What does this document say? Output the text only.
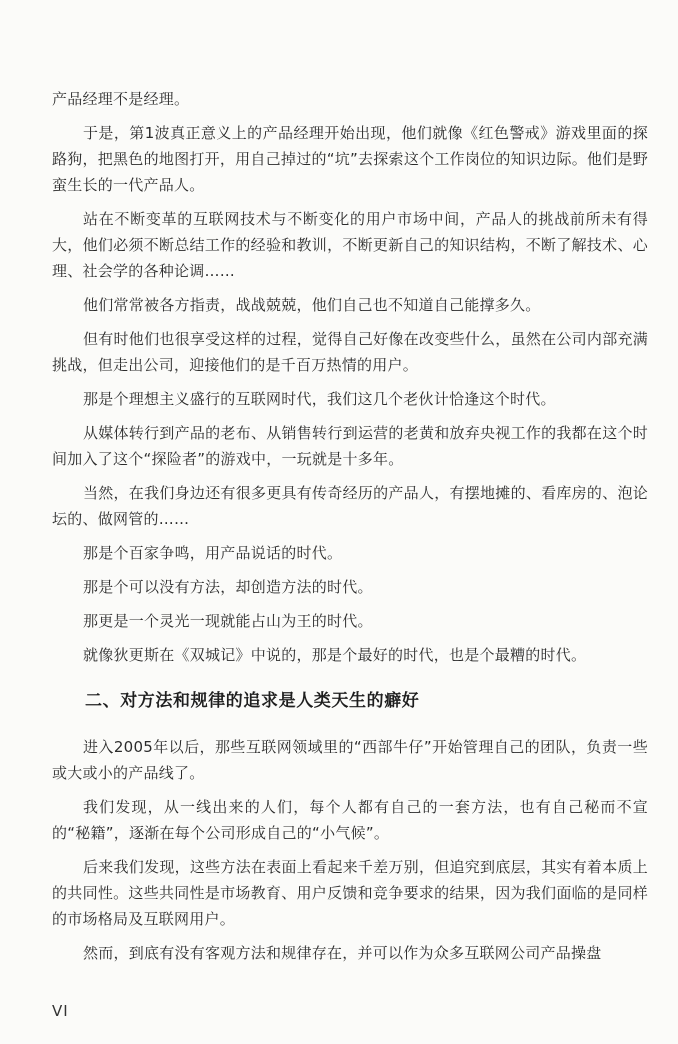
产品经理不是经理。

于是，第1波真正意义上的产品经理开始出现，他们就像《红色警戒》游戏里面的探路狗，把黑色的地图打开，用自己掉过的“坑”去探索这个工作岗位的知识边际。他们是野蛮生长的一代产品人。

站在不断变革的互联网技术与不断变化的用户市场中间，产品人的挑战前所未有得大，他们必须不断总结工作的经验和教训，不断更新自己的知识结构，不断了解技术、心理、社会学的各种论调……

他们常常被各方指责，战战兢兢，他们自己也不知道自己能撑多久。

但有时他们也很享受这样的过程，觉得自己好像在改变些什么，虽然在公司内部充满挑战，但走出公司，迎接他们的是千百万热情的用户。

那是个理想主义盛行的互联网时代，我们这几个老伙计恰逢这个时代。

从媒体转行到产品的老布、从销售转行到运营的老黄和放弃央视工作的我都在这个时间加入了这个“探险者”的游戏中，一玩就是十多年。

当然，在我们身边还有很多更具有传奇经历的产品人，有摆地摊的、看库房的、泡论坛的、做网管的……

那是个百家争鸣，用产品说话的时代。

那是个可以没有方法，却创造方法的时代。

那更是一个灵光一现就能占山为王的时代。

就像狄更斯在《双城记》中说的，那是个最好的时代，也是个最糟的时代。

二、对方法和规律的追求是人类天生的癖好

进入2005年以后，那些互联网领域里的“西部牛仔”开始管理自己的团队，负责一些或大或小的产品线了。

我们发现，从一线出来的人们，每个人都有自己的一套方法，也有自己秘而不宣的“秘籍”，逐渐在每个公司形成自己的“小气候”。

后来我们发现，这些方法在表面上看起来千差万别，但追究到底层，其实有着本质上的共同性。这些共同性是市场教育、用户反馈和竞争要求的结果，因为我们面临的是同样的市场格局及互联网用户。

然而，到底有没有客观方法和规律存在，并可以作为众多互联网公司产品操盘

VI
